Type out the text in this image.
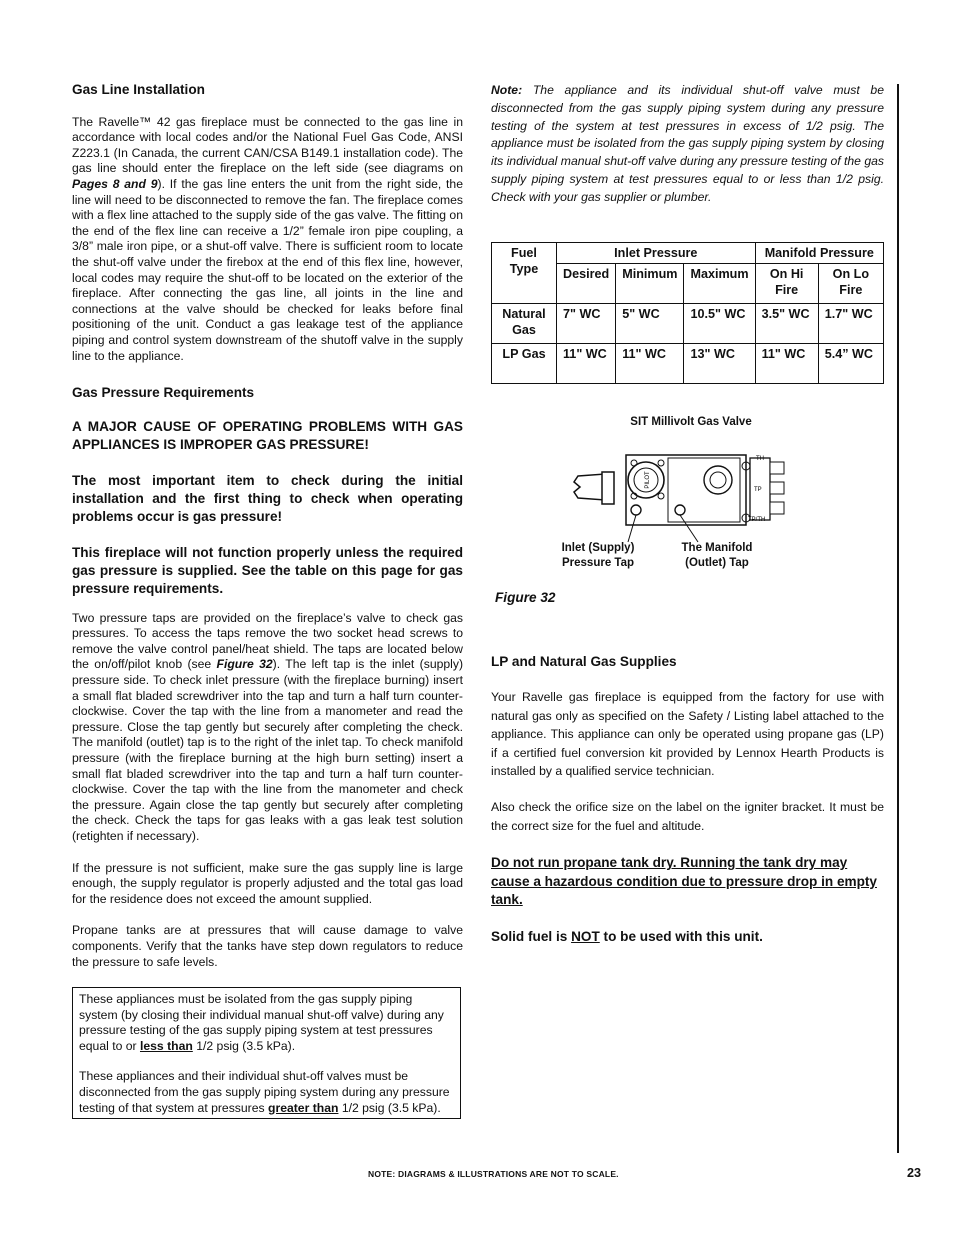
Gas Line Installation

The Ravelle™ 42 gas fireplace must be connected to the gas line in accordance with local codes and/or the National Fuel Gas Code, ANSI Z223.1 (In Canada, the current CAN/CSA B149.1 installation code). The gas line should enter the fireplace on the left side (see diagrams on Pages 8 and 9). If the gas line enters the unit from the right side, the line will need to be disconnected to remove the fan. The fireplace comes with a flex line attached to the supply side of the gas valve. The fitting on the end of the flex line can receive a 1/2” female iron pipe coupling, a 3/8” male iron pipe, or a shut-off valve. There is sufficient room to locate the shut-off valve under the firebox at the end of this flex line, however, local codes may require the shut-off to be located on the exterior of the fireplace. After connecting the gas line, all joints in the line and connections at the valve should be checked for leaks before final positioning of the unit. Conduct a gas leakage test of the appliance piping and control system downstream of the shutoff valve in the supply line to the appliance.

Gas Pressure Requirements

A MAJOR CAUSE OF OPERATING PROBLEMS WITH GAS APPLIANCES IS IMPROPER GAS PRESSURE!

The most important item to check during the initial installation and the first thing to check when operating problems occur is gas pressure!

This fireplace will not function properly unless the required gas pressure is supplied. See the table on this page for gas pressure requirements.

Two pressure taps are provided on the fireplace’s valve to check gas pressures. To access the taps remove the two socket head screws to remove the valve control panel/heat shield. The taps are located below the on/off/pilot knob (see Figure 32). The left tap is the inlet (supply) pressure side. To check inlet pressure (with the fireplace burning) insert a small flat bladed screwdriver into the tap and turn a half turn counter-clockwise. Cover the tap with the line from a manometer and read the pressure. Close the tap gently but securely after completing the check. The manifold (outlet) tap is to the right of the inlet tap. To check manifold pressure (with the fireplace burning at the high burn setting) insert a small flat bladed screwdriver into the tap and turn a half turn counter-clockwise. Cover the tap with the line from the manometer and check the pressure. Again close the tap gently but securely after completing the check. Check the taps for gas leaks with a gas leak test solution (retighten if necessary).

If the pressure is not sufficient, make sure the gas supply line is large enough, the supply regulator is properly adjusted and the total gas load for the residence does not exceed the amount supplied.

Propane tanks are at pressures that will cause damage to valve components. Verify that the tanks have step down regulators to reduce the pressure to safe levels.

These appliances must be isolated from the gas supply piping system (by closing their individual manual shut-off valve) during any pressure testing of the gas supply piping system at test pressures equal to or less than 1/2 psig (3.5 kPa).

These appliances and their individual shut-off valves must be disconnected from the gas supply piping system during any pressure testing of that system at pressures greater than 1/2 psig (3.5 kPa).

Note: The appliance and its individual shut-off valve must be disconnected from the gas supply piping system during any pressure testing of the system at test pressures in excess of 1/2 psig. The appliance must be isolated from the gas supply piping system by closing its individual manual shut-off valve during any pressure testing of the gas supply piping system at test pressures equal to or less than 1/2 psig. Check with your gas supplier or plumber.

Fuel Type	Inlet Pressure			Manifold Pressure	
	Desired	Minimum	Maximum	On Hi Fire	On Lo Fire
Natural Gas	7" WC	5" WC	10.5" WC	3.5" WC	1.7" WC
LP Gas	11" WC	11" WC	13" WC	11" WC	5.4” WC
SIT Millivolt Gas Valve
PILOT
TH
TP
TP/TH
Inlet (Supply) Pressure Tap
The Manifold (Outlet) Tap
Figure 32

LP and Natural Gas Supplies

Your Ravelle gas fireplace is equipped from the factory for use with natural gas only as specified on the Safety / Listing label attached to the appliance. This appliance can only be operated using propane gas (LP) if a certified fuel conversion kit provided by Lennox Hearth Products is installed by a qualified service technician.

Also check the orifice size on the label on the igniter bracket. It must be the correct size for the fuel and altitude.

Do not run propane tank dry. Running the tank dry may cause a hazardous condition due to pressure drop in empty tank.

Solid fuel is NOT to be used with this unit.

NOTE: DIAGRAMS & ILLUSTRATIONS ARE NOT TO SCALE.	23
